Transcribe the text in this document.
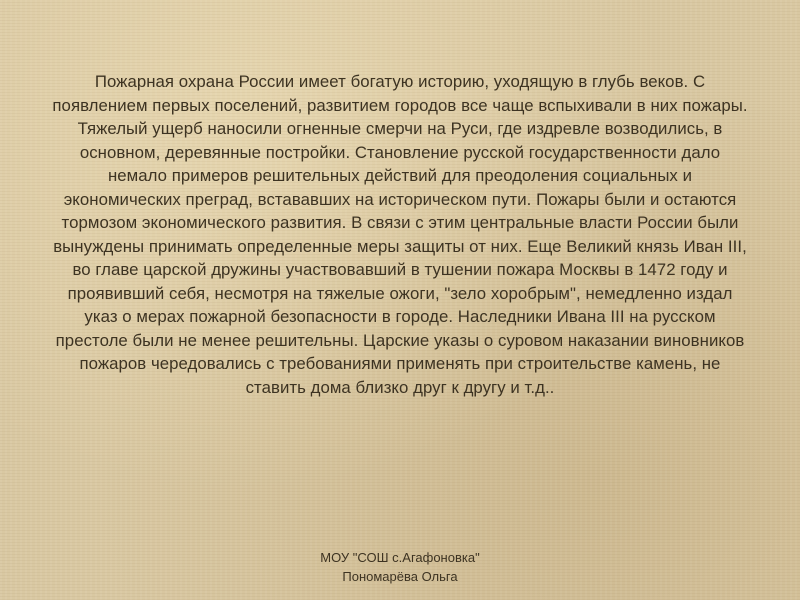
Пожарная охрана России имеет богатую историю, уходящую в глубь веков. С появлением первых поселений, развитием городов все чаще вспыхивали в них пожары. Тяжелый ущерб наносили огненные смерчи на Руси, где издревле возводились, в основном, деревянные постройки. Становление русской государственности дало немало примеров решительных действий для преодоления социальных и экономических преград, встававших на историческом пути. Пожары были и остаются тормозом экономического развития. В связи с этим центральные власти России были вынуждены принимать определенные меры защиты от них. Еще Великий князь Иван III, во главе царской дружины участвовавший в тушении пожара Москвы в 1472 году и проявивший себя, несмотря на тяжелые ожоги, "зело хоробрым", немедленно издал указ о мерах пожарной безопасности в городе. Наследники Ивана III на русском престоле были не менее решительны. Царские указы о суровом наказании виновников пожаров чередовались с требованиями применять при строительстве камень, не ставить дома близко друг к другу и т.д..

МОУ "СОШ с.Агафоновка"
Пономарёва Ольга
